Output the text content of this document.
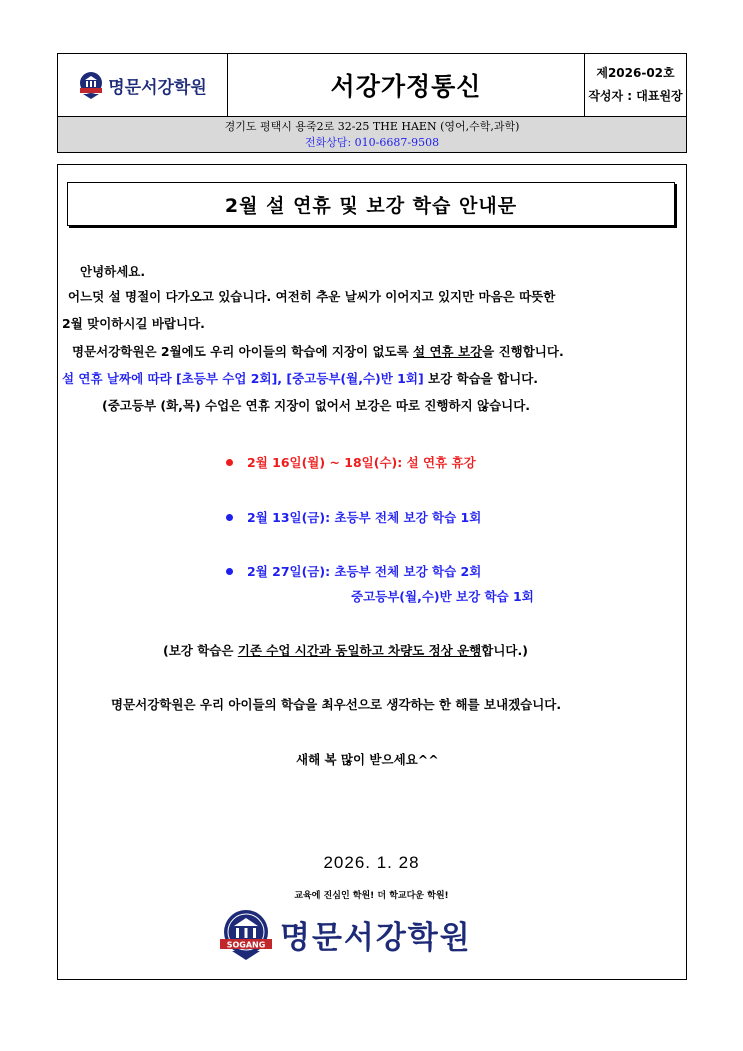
명문서강학원	서강가정통신	제2026-02호
작성자 : 대표원장
경기도 평택시 용죽2로 32-25 THE HAEN (영어,수학,과학)
전화상담: 010-6687-9508
2월 설 연휴 및 보강 학습 안내문
안녕하세요.
어느덧 설 명절이 다가오고 있습니다. 여전히 추운 날씨가 이어지고 있지만 마음은 따뜻한
2월 맞이하시길 바랍니다.
명문서강학원은 2월에도 우리 아이들의 학습에 지장이 없도록 설 연휴 보강을 진행합니다.
설 연휴 날짜에 따라 [초등부 수업 2회], [중고등부(월,수)반 1회] 보강 학습을 합니다.
(중고등부 (화,목) 수업은 연휴 지장이 없어서 보강은 따로 진행하지 않습니다.
2월 16일(월) ~ 18일(수): 설 연휴 휴강
2월 13일(금): 초등부 전체 보강 학습 1회
2월 27일(금): 초등부 전체 보강 학습 2회
중고등부(월,수)반 보강 학습 1회
(보강 학습은 기존 수업 시간과 동일하고 차량도 정상 운행합니다.)
명문서강학원은 우리 아이들의 학습을 최우선으로 생각하는 한 해를 보내겠습니다.
새해 복 많이 받으세요^^
2026. 1. 28
교육에 진심인 학원! 더 학교다운 학원!
SOGANG 명문서강학원
